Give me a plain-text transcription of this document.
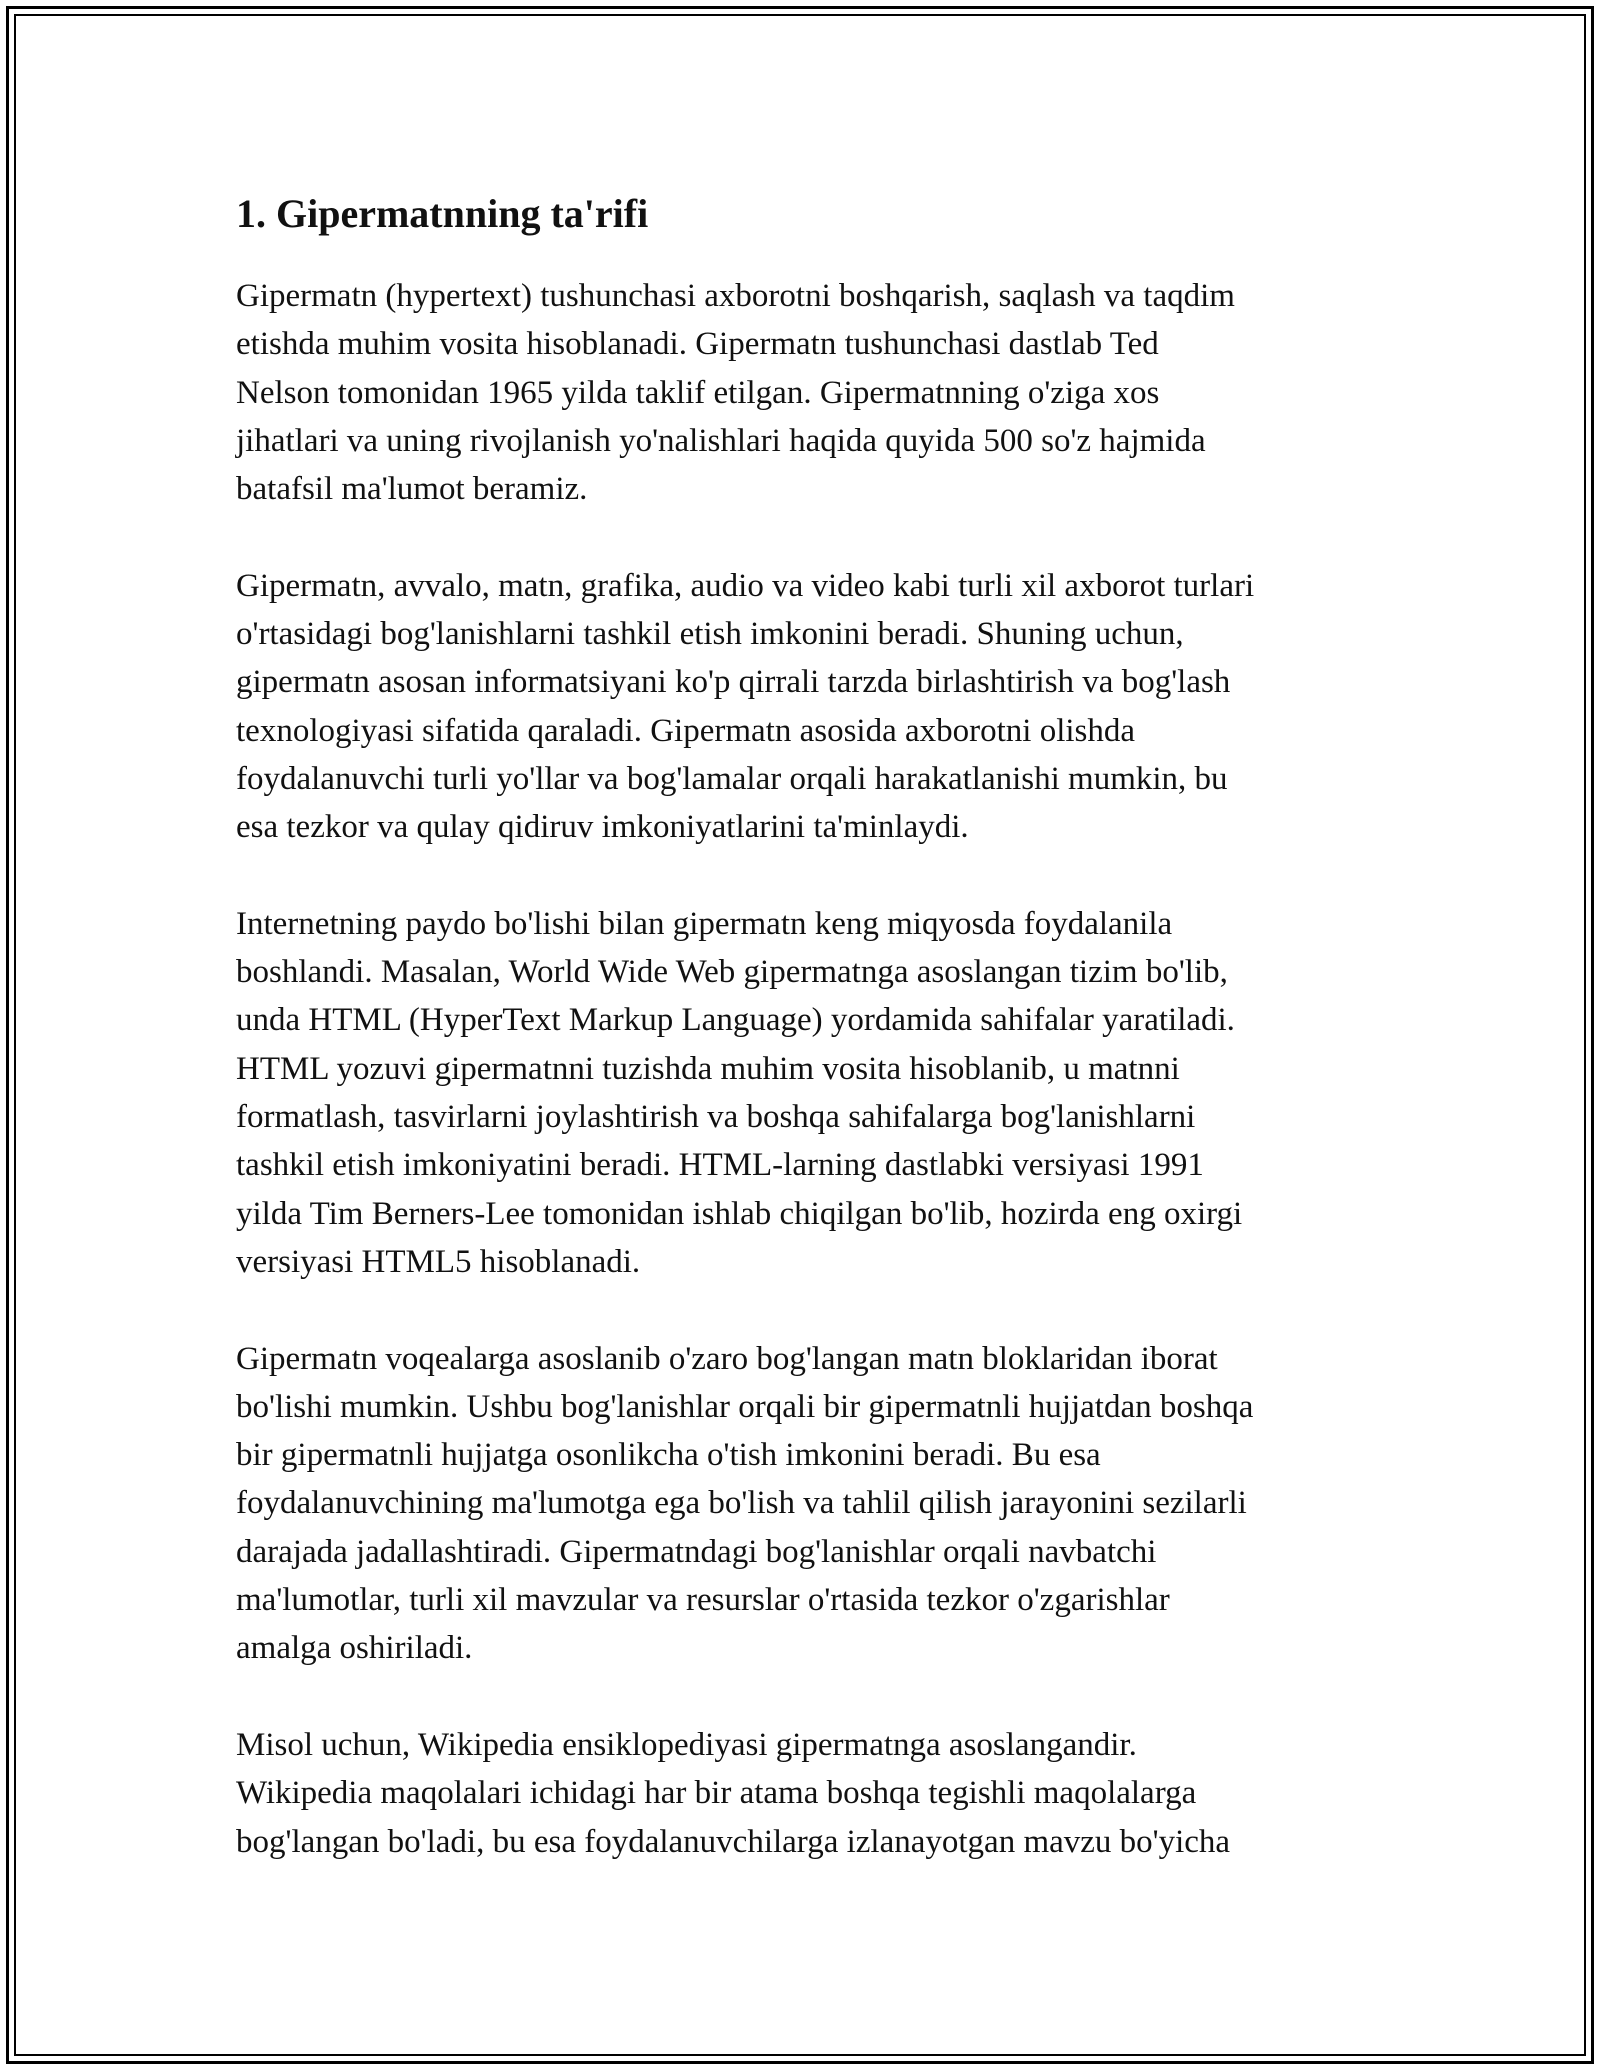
1. Gipermatnning ta'rifi

Gipermatn (hypertext) tushunchasi axborotni boshqarish, saqlash va taqdim
etishda muhim vosita hisoblanadi. Gipermatn tushunchasi dastlab Ted
Nelson tomonidan 1965 yilda taklif etilgan. Gipermatnning o'ziga xos
jihatlari va uning rivojlanish yo'nalishlari haqida quyida 500 so'z hajmida
batafsil ma'lumot beramiz.

Gipermatn, avvalo, matn, grafika, audio va video kabi turli xil axborot turlari
o'rtasidagi bog'lanishlarni tashkil etish imkonini beradi. Shuning uchun,
gipermatn asosan informatsiyani ko'p qirrali tarzda birlashtirish va bog'lash
texnologiyasi sifatida qaraladi. Gipermatn asosida axborotni olishda
foydalanuvchi turli yo'llar va bog'lamalar orqali harakatlanishi mumkin, bu
esa tezkor va qulay qidiruv imkoniyatlarini ta'minlaydi.

Internetning paydo bo'lishi bilan gipermatn keng miqyosda foydalanila
boshlandi. Masalan, World Wide Web gipermatnga asoslangan tizim bo'lib,
unda HTML (HyperText Markup Language) yordamida sahifalar yaratiladi.
HTML yozuvi gipermatnni tuzishda muhim vosita hisoblanib, u matnni
formatlash, tasvirlarni joylashtirish va boshqa sahifalarga bog'lanishlarni
tashkil etish imkoniyatini beradi. HTML-larning dastlabki versiyasi 1991
yilda Tim Berners-Lee tomonidan ishlab chiqilgan bo'lib, hozirda eng oxirgi
versiyasi HTML5 hisoblanadi.

Gipermatn voqealarga asoslanib o'zaro bog'langan matn bloklaridan iborat
bo'lishi mumkin. Ushbu bog'lanishlar orqali bir gipermatnli hujjatdan boshqa
bir gipermatnli hujjatga osonlikcha o'tish imkonini beradi. Bu esa
foydalanuvchining ma'lumotga ega bo'lish va tahlil qilish jarayonini sezilarli
darajada jadallashtiradi. Gipermatndagi bog'lanishlar orqali navbatchi
ma'lumotlar, turli xil mavzular va resurslar o'rtasida tezkor o'zgarishlar
amalga oshiriladi.

Misol uchun, Wikipedia ensiklopediyasi gipermatnga asoslangandir.
Wikipedia maqolalari ichidagi har bir atama boshqa tegishli maqolalarga
bog'langan bo'ladi, bu esa foydalanuvchilarga izlanayotgan mavzu bo'yicha
